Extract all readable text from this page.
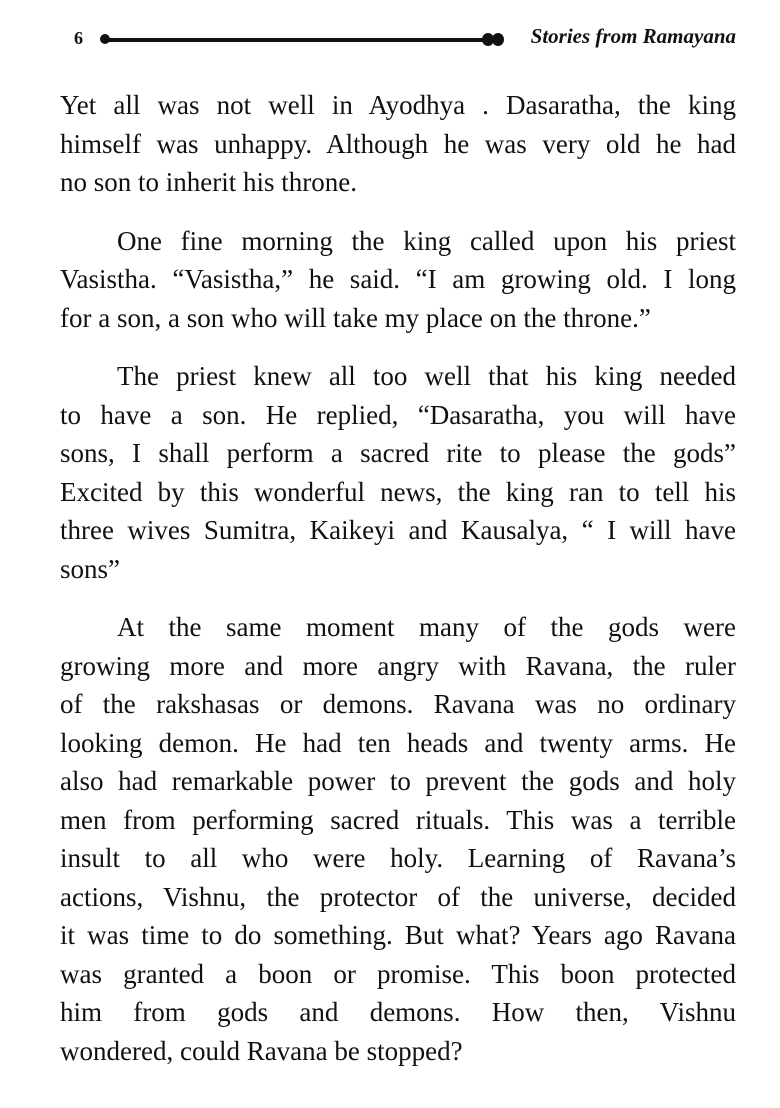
6	Stories from Ramayana
Yet all was not well in Ayodhya . Dasaratha, the king
himself was unhappy. Although he was very old he had
no son to inherit his throne.
One fine morning the king called upon his priest
Vasistha. “Vasistha,” he said. “I am growing old. I long
for a son, a son who will take my place on the throne.”
The priest knew all too well that his king needed
to have a son. He replied, “Dasaratha, you will have
sons, I shall perform a sacred rite to please the gods”
Excited by this wonderful news, the king ran to tell his
three wives Sumitra, Kaikeyi and Kausalya, “ I will have
sons”
At the same moment many of the gods were
growing more and more angry with Ravana, the ruler
of the rakshasas or demons. Ravana was no ordinary
looking demon. He had ten heads and twenty arms. He
also had remarkable power to prevent the gods and holy
men from performing sacred rituals. This was a terrible
insult to all who were holy. Learning of Ravana’s
actions, Vishnu, the protector of the universe, decided
it was time to do something. But what? Years ago Ravana
was granted a boon or promise. This boon protected
him from gods and demons. How then, Vishnu
wondered, could Ravana be stopped?
